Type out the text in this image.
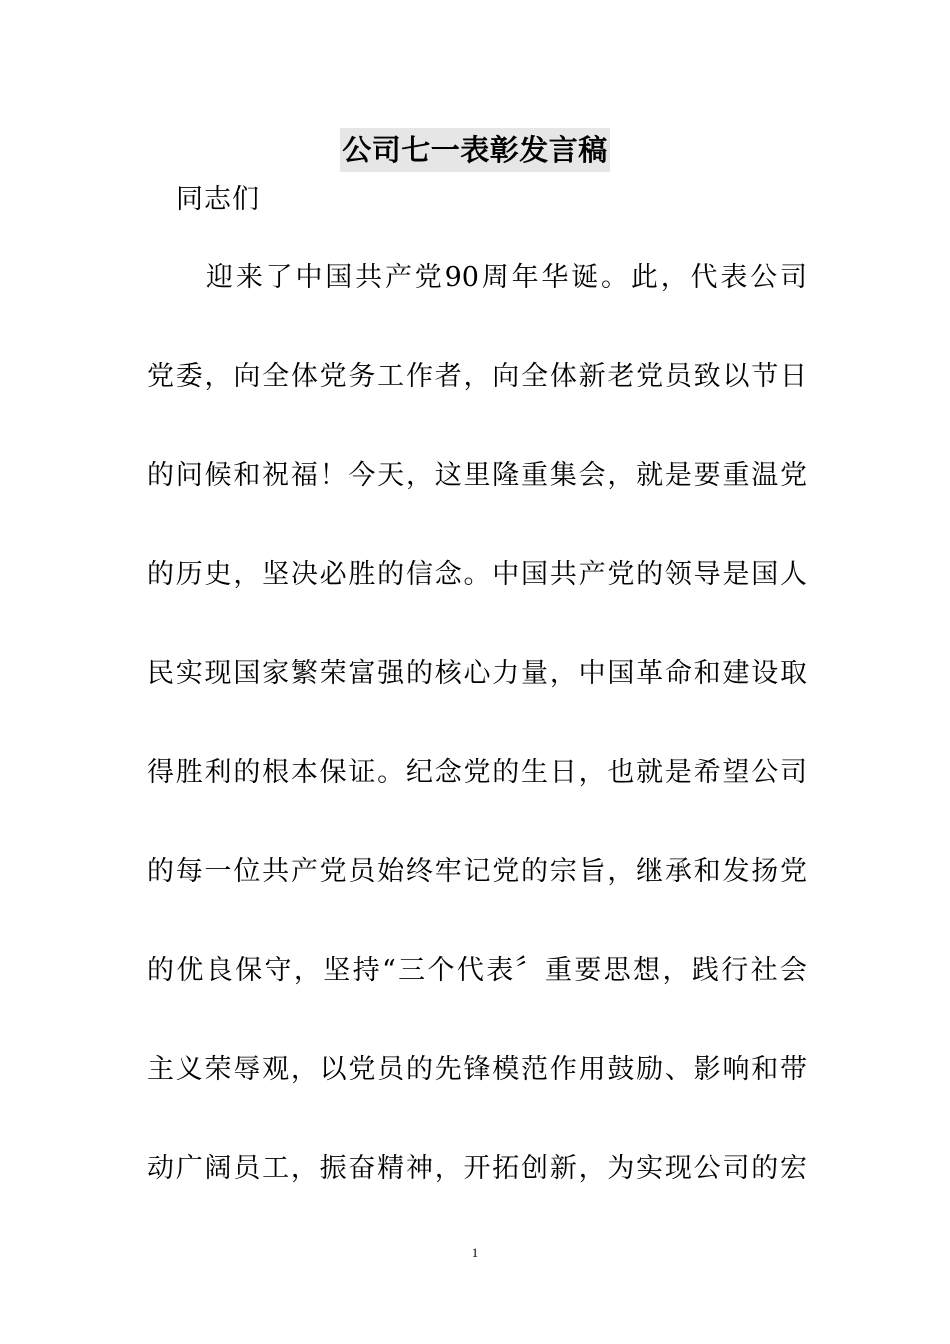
公司七一表彰发言稿
同志们
迎来了中国共产党90周年华诞。此，代表公司
党委，向全体党务工作者，向全体新老党员致以节日
的问候和祝福！今天，这里隆重集会，就是要重温党
的历史，坚决必胜的信念。中国共产党的领导是国人
民实现国家繁荣富强的核心力量，中国革命和建设取
得胜利的根本保证。纪念党的生日，也就是希望公司
的每一位共产党员始终牢记党的宗旨，继承和发扬党
的优良保守，坚持“三个代表〞重要思想，践行社会
主义荣辱观，以党员的先锋模范作用鼓励、影响和带
动广阔员工，振奋精神，开拓创新，为实现公司的宏
1
